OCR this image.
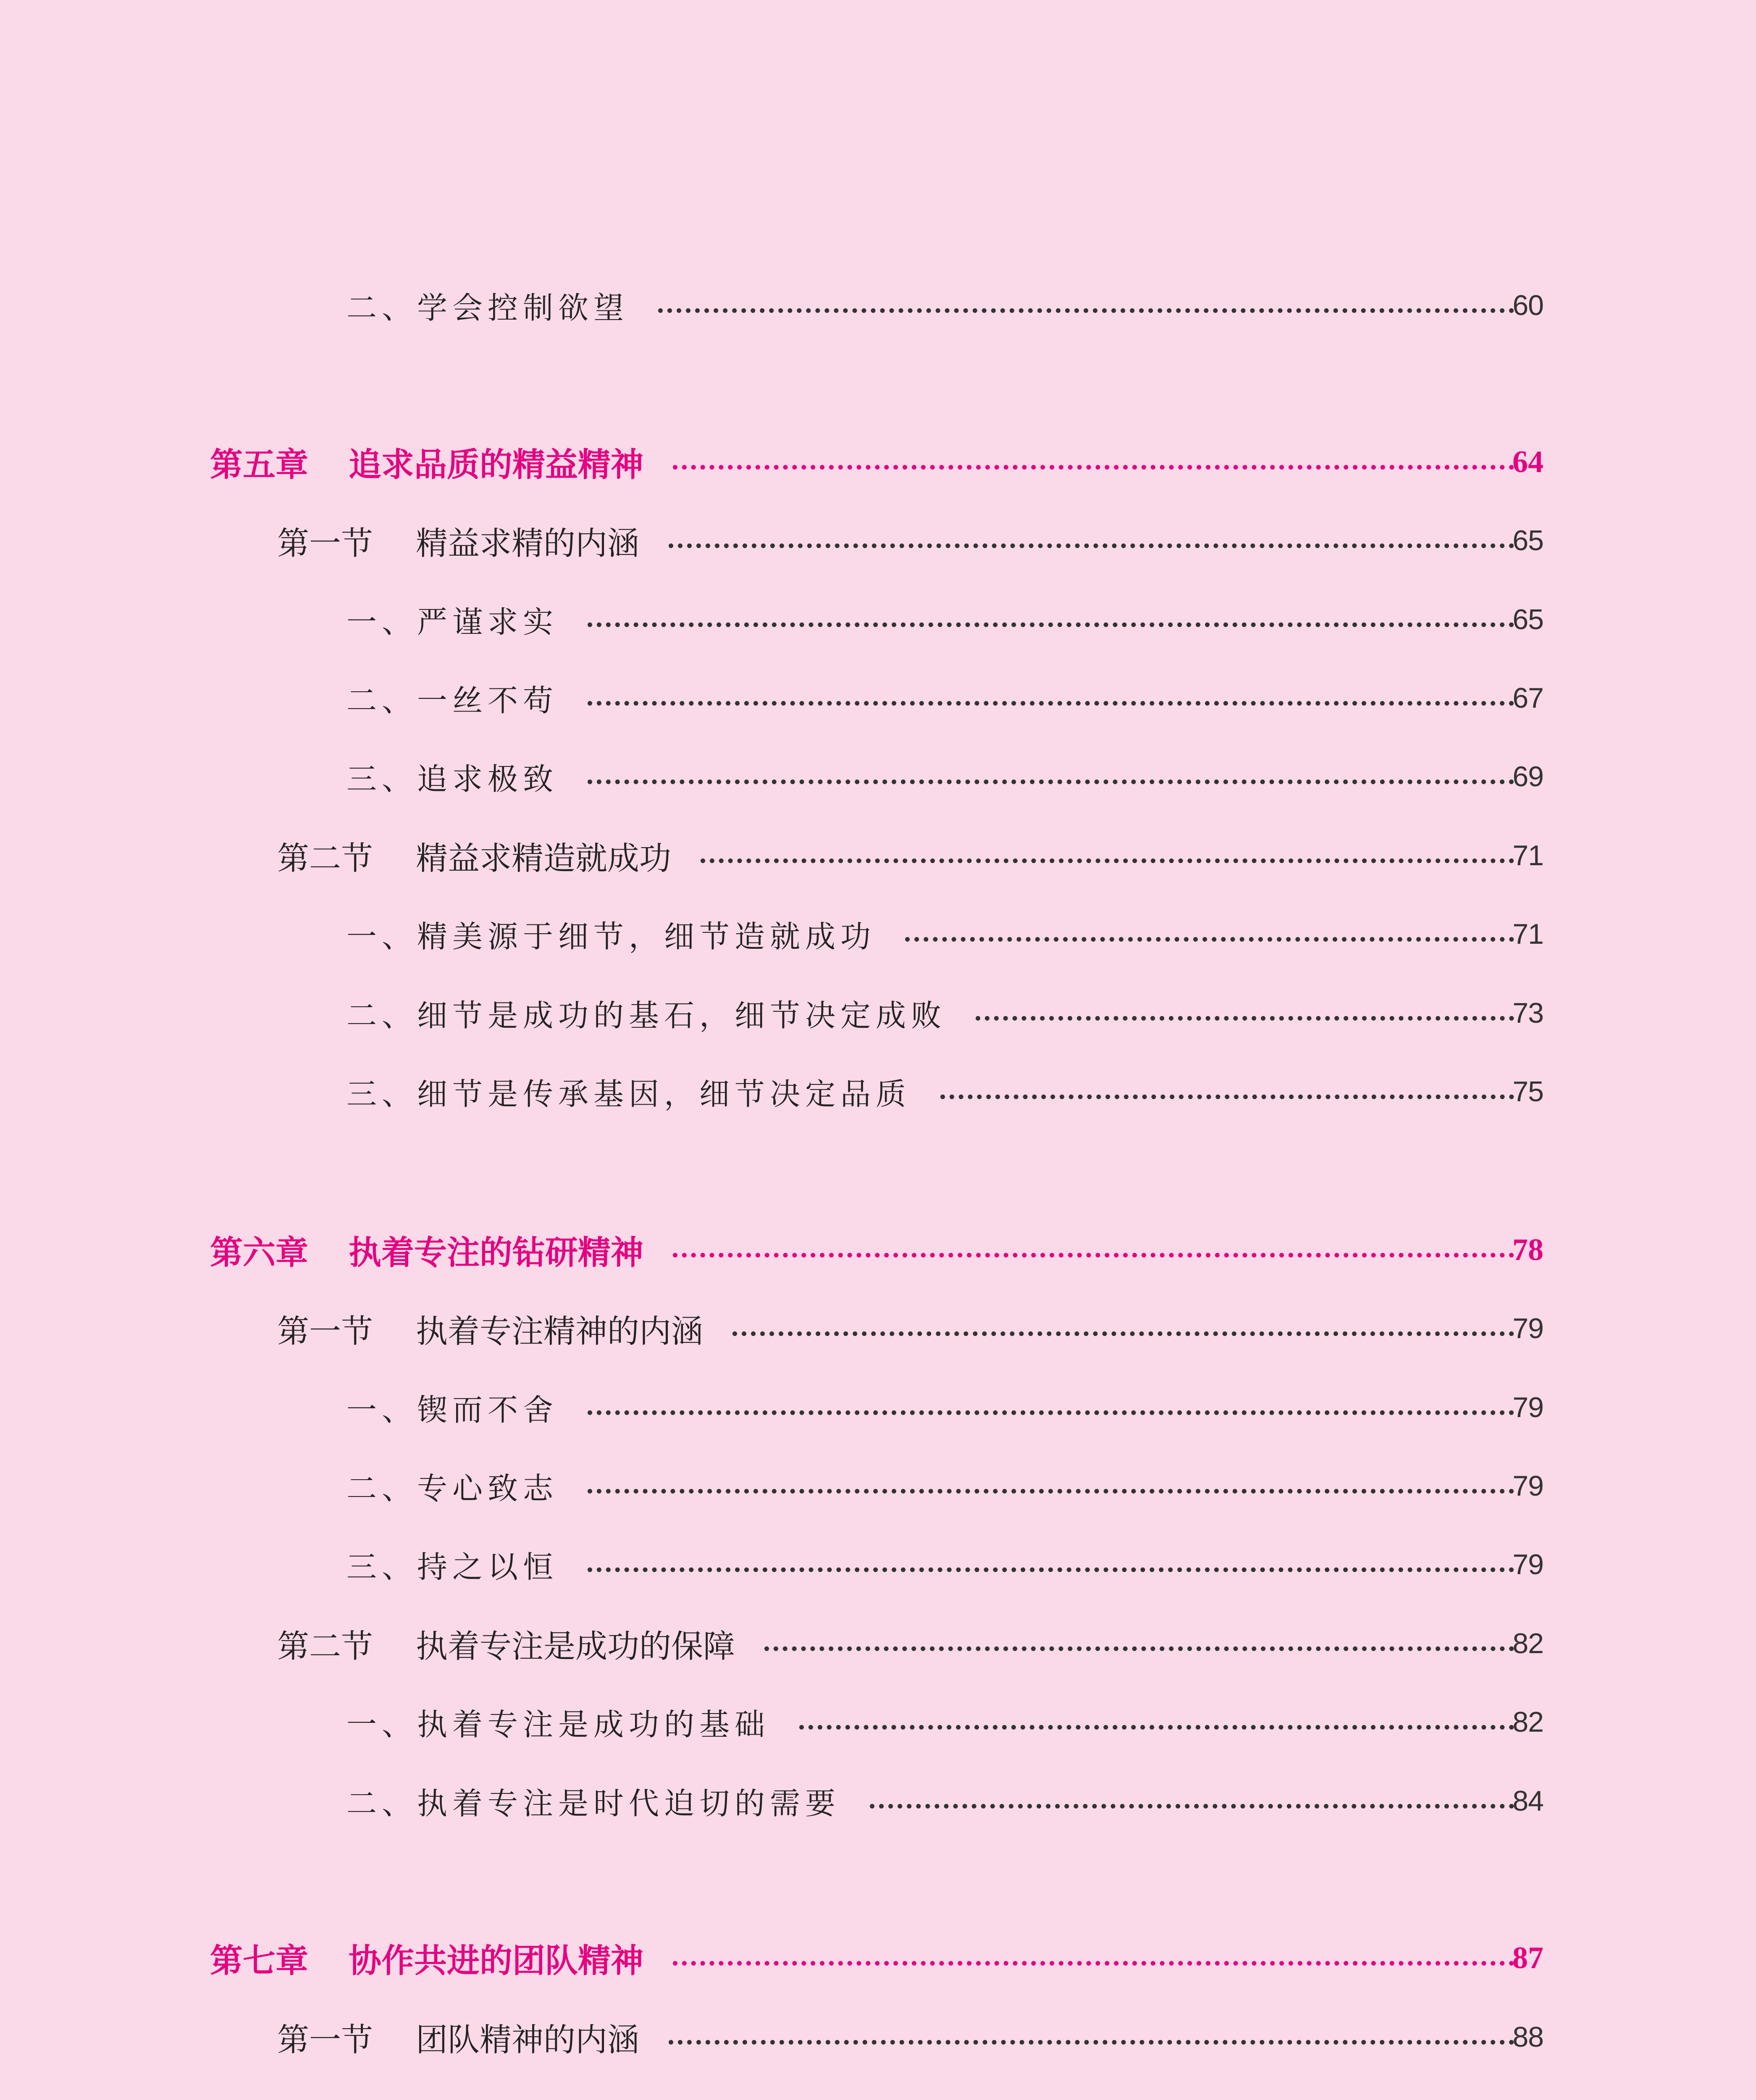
二、学会控制欲望	60
第五章 追求品质的精益精神	64
第一节 精益求精的内涵	65
一、严谨求实	65
二、一丝不苟	67
三、追求极致	69
第二节 精益求精造就成功	71
一、精美源于细节，细节造就成功	71
二、细节是成功的基石，细节决定成败	73
三、细节是传承基因，细节决定品质	75
第六章 执着专注的钻研精神	78
第一节 执着专注精神的内涵	79
一、锲而不舍	79
二、专心致志	79
三、持之以恒	79
第二节 执着专注是成功的保障	82
一、执着专注是成功的基础	82
二、执着专注是时代迫切的需要	84
第七章 协作共进的团队精神	87
第一节 团队精神的内涵	88
